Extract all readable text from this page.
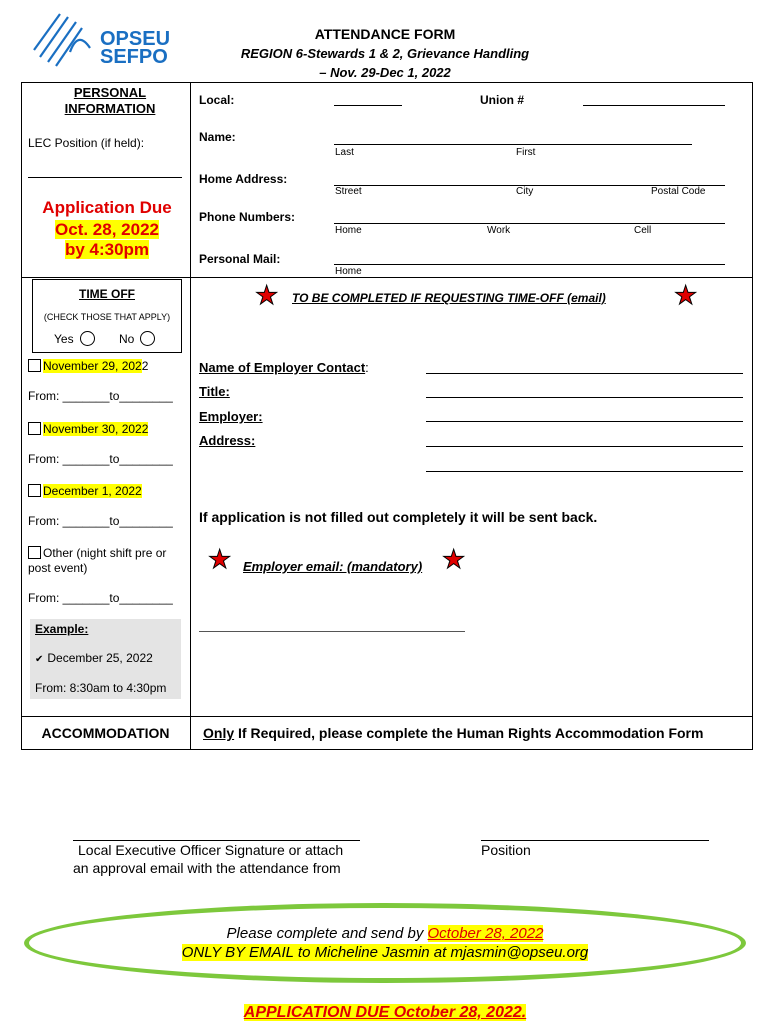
OPSEU
SEFPO
ATTENDANCE FORM
REGION 6-Stewards 1 & 2, Grievance Handling
– Nov. 29-Dec 1, 2022
PERSONAL INFORMATION
LEC Position (if held):
Application Due
Oct. 28, 2022
by 4:30pm
Local:	Union #
Name:
Last	First
Home Address:
Street	City	Postal Code
Phone Numbers:
Home	Work	Cell
Personal Mail:
Home
TIME OFF
(CHECK THOSE THAT APPLY)
Yes	No
★ TO BE COMPLETED IF REQUESTING TIME-OFF (email)	★
November 29, 2022
From: _______to________
November 30, 2022
From: _______to________
December 1, 2022
From: _______to________
Other (night shift pre or post event)
From: _______to________
Example:
✔ December 25, 2022
From: 8:30am to 4:30pm
Name of Employer Contact:
Title:
Employer:
Address:
If application is not filled out completely it will be sent back.
★ Employer email: (mandatory) ★
ACCOMMODATION	Only If Required, please complete the Human Rights Accommodation Form
Local Executive Officer Signature or attach
an approval email with the attendance from
Position
Please complete and send by October 28, 2022
ONLY BY EMAIL to Micheline Jasmin at mjasmin@opseu.org
APPLICATION DUE October 28, 2022.
